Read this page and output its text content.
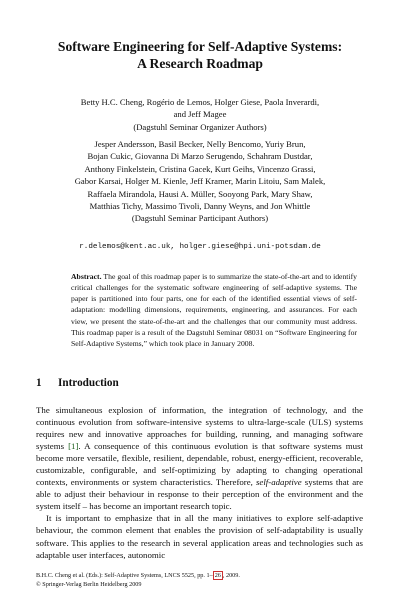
Software Engineering for Self-Adaptive Systems:
A Research Roadmap
Betty H.C. Cheng, Rogério de Lemos, Holger Giese, Paola Inverardi,
and Jeff Magee
(Dagstuhl Seminar Organizer Authors)
Jesper Andersson, Basil Becker, Nelly Bencomo, Yuriy Brun,
Bojan Cukic, Giovanna Di Marzo Serugendo, Schahram Dustdar,
Anthony Finkelstein, Cristina Gacek, Kurt Geihs, Vincenzo Grassi,
Gabor Karsai, Holger M. Kienle, Jeff Kramer, Marin Litoiu, Sam Malek,
Raffaela Mirandola, Hausi A. Müller, Sooyong Park, Mary Shaw,
Matthias Tichy, Massimo Tivoli, Danny Weyns, and Jon Whittle
(Dagstuhl Seminar Participant Authors)
r.delemos@kent.ac.uk, holger.giese@hpi.uni-potsdam.de
Abstract. The goal of this roadmap paper is to summarize the state-of-the-art and to identify critical challenges for the systematic software engineering of self-adaptive systems. The paper is partitioned into four parts, one for each of the identified essential views of self-adaptation: modelling dimensions, requirements, engineering, and assurances. For each view, we present the state-of-the-art and the challenges that our community must address. This roadmap paper is a result of the Dagstuhl Seminar 08031 on “Software Engineering for Self-Adaptive Systems,” which took place in January 2008.
1 Introduction

The simultaneous explosion of information, the integration of technology, and the continuous evolution from software-intensive systems to ultra-large-scale (ULS) systems requires new and innovative approaches for building, running, and managing software systems [1]. A consequence of this continuous evolution is that software systems must become more versatile, flexible, resilient, dependable, robust, energy-efficient, recoverable, customizable, configurable, and self-optimizing by adapting to changing operational contexts, environments or system characteristics. Therefore, self-adaptive systems that are able to adjust their behaviour in response to their perception of the environment and the system itself – has become an important research topic.

It is important to emphasize that in all the many initiatives to explore self-adaptive behaviour, the common element that enables the provision of self-adaptability is usually software. This applies to the research in several application areas and technologies such as adaptable user interfaces, autonomic

B.H.C. Cheng et al. (Eds.): Self-Adaptive Systems, LNCS 5525, pp. 1– 26 , 2009.
© Springer-Verlag Berlin Heidelberg 2009
